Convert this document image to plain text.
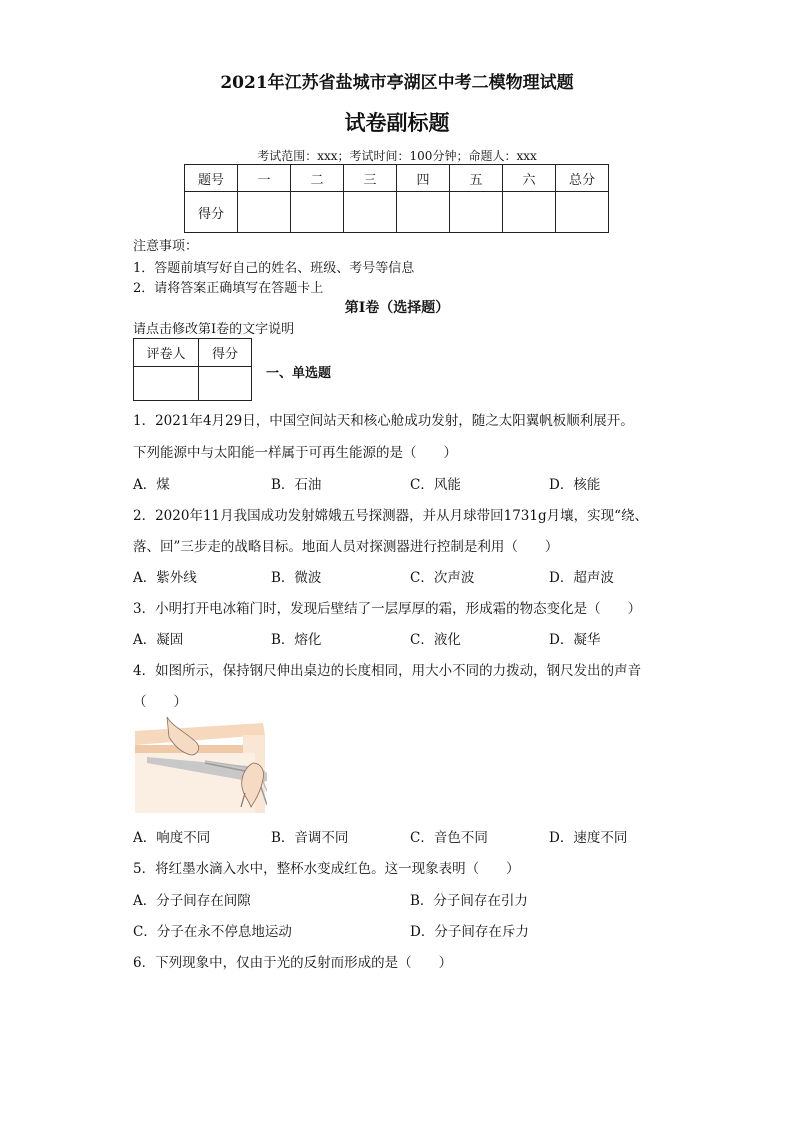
2021年江苏省盐城市亭湖区中考二模物理试题
试卷副标题
考试范围：xxx；考试时间：100分钟；命题人：xxx
题号	一	二	三	四	五	六	总分
得分							
注意事项：
1．答题前填写好自己的姓名、班级、考号等信息
2．请将答案正确填写在答题卡上
第I卷（选择题）
请点击修改第I卷的文字说明
评卷人	得分

一、单选题
1．2021年4月29日，中国空间站天和核心舱成功发射，随之太阳翼帆板顺利展开。
下列能源中与太阳能一样属于可再生能源的是（　　）
A．煤	B．石油	C．风能	D．核能
2．2020年11月我国成功发射嫦娥五号探测器，并从月球带回1731g月壤，实现“绕、
落、回”三步走的战略目标。地面人员对探测器进行控制是利用（　　）
A．紫外线	B．微波	C．次声波	D．超声波
3．小明打开电冰箱门时，发现后壁结了一层厚厚的霜，形成霜的物态变化是（　　）
A．凝固	B．熔化	C．液化	D．凝华
4．如图所示，保持钢尺伸出桌边的长度相同，用大小不同的力拨动，钢尺发出的声音
（　　）
A．响度不同	B．音调不同	C．音色不同	D．速度不同
5．将红墨水滴入水中，整杯水变成红色。这一现象表明（　　）
A．分子间存在间隙	B．分子间存在引力
C．分子在永不停息地运动	D．分子间存在斥力
6．下列现象中，仅由于光的反射而形成的是（　　）
